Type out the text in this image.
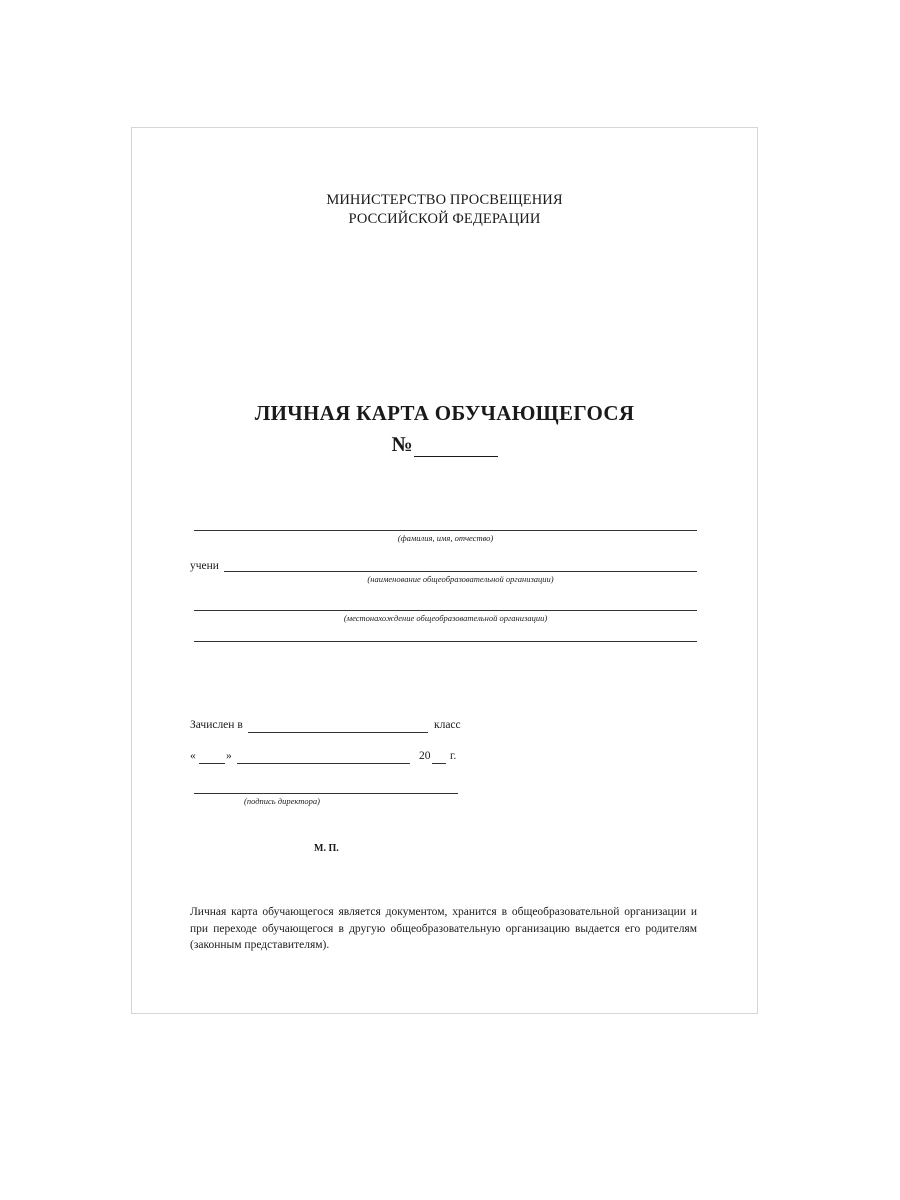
МИНИСТЕРСТВО ПРОСВЕЩЕНИЯ
РОССИЙСКОЙ ФЕДЕРАЦИИ
ЛИЧНАЯ КАРТА ОБУЧАЮЩЕГОСЯ
№
(фамилия, имя, отчество)
учени
(наименование общеобразовательной организации)
(местонахождение общеобразовательной организации)
Зачислен в	класс
«	»	20 г.
(подпись директора)
М. П.
Личная карта обучающегося является документом, хранится в общеобразовательной организации и при переходе обучающегося в другую общеобразовательную организацию выдается его родителям (законным представителям).
